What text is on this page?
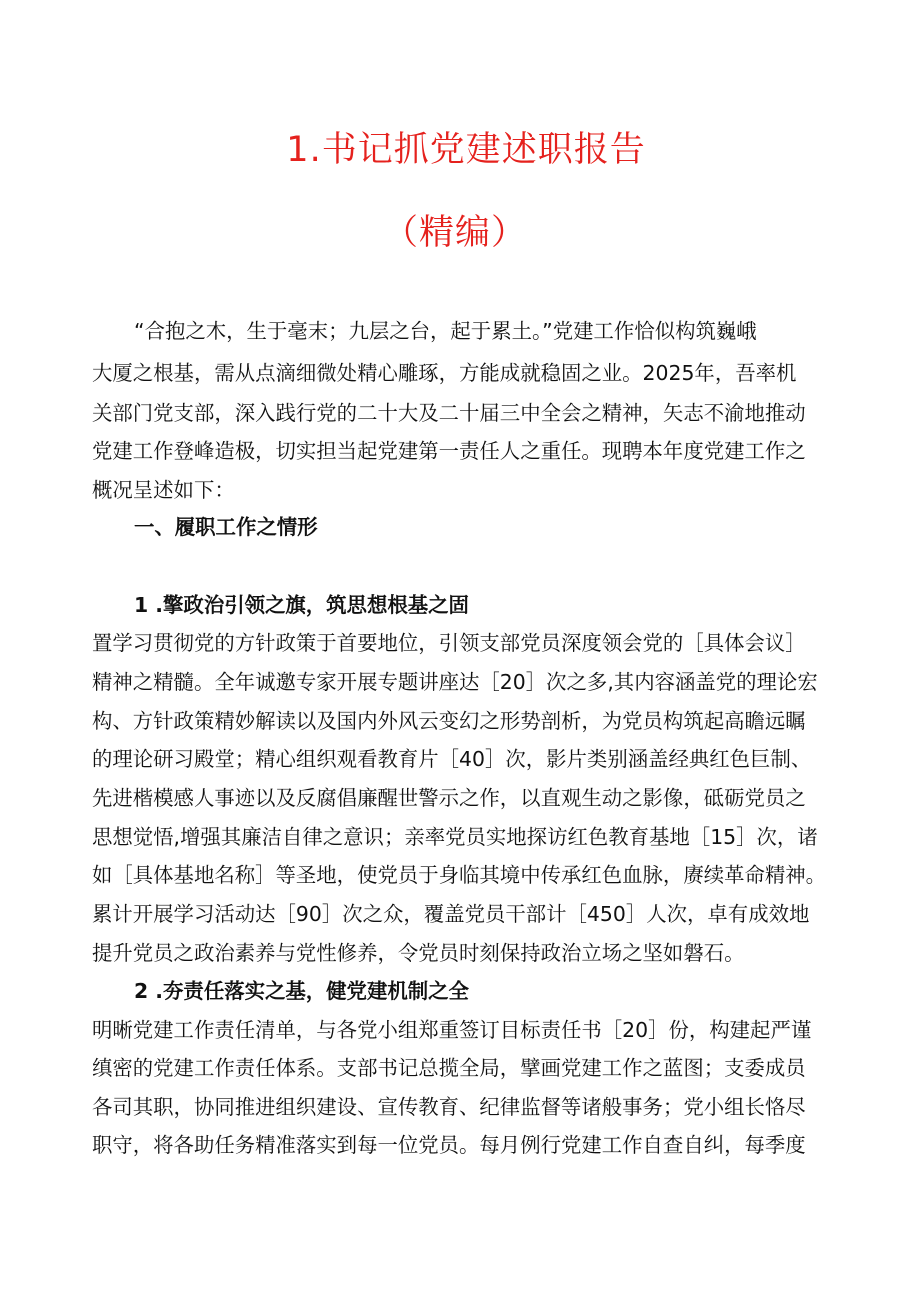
1.书记抓党建述职报告
（精编）
“合抱之木，生于毫末；九层之台，起于累土。”党建工作恰似构筑巍峨
大厦之根基，需从点滴细微处精心雕琢，方能成就稳固之业。2025年，吾率机
关部门党支部，深入践行党的二十大及二十届三中全会之精神，矢志不渝地推动
党建工作登峰造极，切实担当起党建第一责任人之重任。现聘本年度党建工作之
概况呈述如下：
一、履职工作之情形
1 .擎政治引领之旗，筑思想根基之固
置学习贯彻党的方针政策于首要地位，引领支部党员深度领会党的［具体会议］
精神之精髓。全年诚邀专家开展专题讲座达［20］次之多,其内容涵盖党的理论宏
构、方针政策精妙解读以及国内外风云变幻之形势剖析，为党员构筑起高瞻远瞩
的理论研习殿堂；精心组织观看教育片［40］次，影片类别涵盖经典红色巨制、
先进楷模感人事迹以及反腐倡廉醒世警示之作，以直观生动之影像，砥砺党员之
思想觉悟,增强其廉洁自律之意识；亲率党员实地探访红色教育基地［15］次，诸
如［具体基地名称］等圣地，使党员于身临其境中传承红色血脉，赓续革命精神。
累计开展学习活动达［90］次之众，覆盖党员干部计［450］人次，卓有成效地
提升党员之政治素养与党性修养，令党员时刻保持政治立场之坚如磐石。
2 .夯责任落实之基，健党建机制之全
明晰党建工作责任清单，与各党小组郑重签订目标责任书［20］份，构建起严谨
缜密的党建工作责任体系。支部书记总揽全局，擘画党建工作之蓝图；支委成员
各司其职，协同推进组织建设、宣传教育、纪律监督等诸般事务；党小组长恪尽
职守，将各助任务精准落实到每一位党员。每月例行党建工作自查自纠，每季度
